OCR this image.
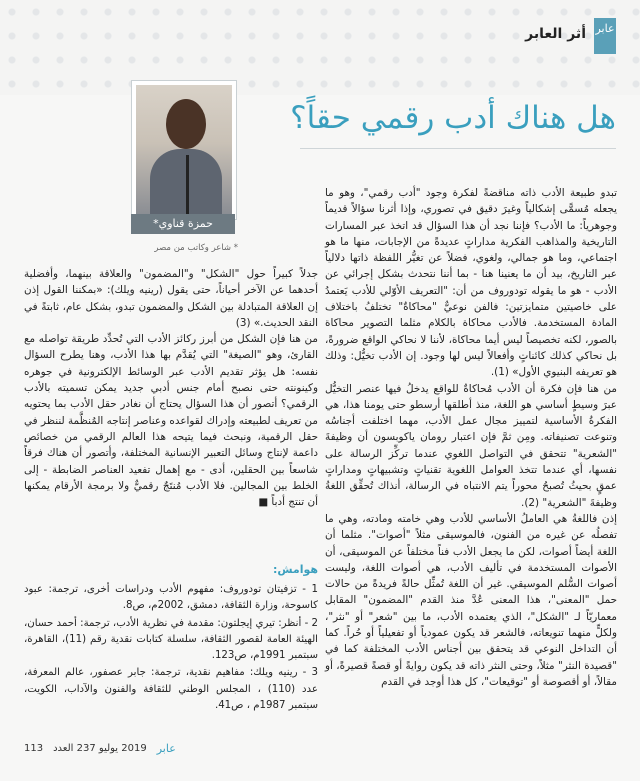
عابر
أثر العابر
هل هناك أدب رقمي حقاً؟
حمزة قناوي*
* شاعر وكاتب من مصر

تبدو طبيعة الأدب ذاته مناقضةً لفكرة وجود "أدب رقمي"، وهو ما يجعله مُسمًّى إشكالياً وغيرَ دقيق في تصوري، وإذا أثرنا سؤالاً قديماً وجوهرياً: ما الأدب؟ فإننا نجد أن هذا السؤال قد اتخذ عبر المسارات التاريخية والمذاهب الفكرية مداراتٍ عديدةً من الإجابات، منها ما هو اجتماعي، وما هو جمالي، ولغوي، فضلاً عن تغيُّر اللفظة ذاتها دلالياً عبر التاريخ، بيد أن ما يعنينا هنا - بما أننا نتحدث بشكل إجرائي عن الأدب - هو ما يقوله تودوروف من أن: "التعريف الأوّلي للأدب يَعتمدُ على خاصيتين متمايزتين: فالفن نوعيٌّ "محاكاةٌ" تختلفُ باختلاف المادة المستخدمة. فالأدب محاكاة بالكلام مثلما التصوير محاكاة بالصور، لكنه تخصيصاً ليس أيما محاكاة، لأننا لا نحاكي الواقع ضرورةً، بل نحاكي كذلك كائناتٍ وأفعالاً ليس لها وجود. إن الأدب تخيُّل: وذلك هو تعريفه البنيوي الأول» (1).

من هنا فإن فكرة أن الأدب مُحاكاةٌ للواقع يدخلُ فيها عنصر التخيُّل عبرَ وسيطٍ أساسي هو اللغة، منذ أطلقها أرسطو حتى يومنا هذا، هي الفكرةُ الأساسية لتمييز مجال عمل الأدب، مهما اختلفت أجناسُه وتنوعت تصنيفاته. ومِن ثمَّ فإن اعتبار رومان ياكوبسون أن وظيفةَ "الشعرية" تتحقق في التواصل اللغوي عندما تركِّز الرسالة على نفسها، أي عندما تتخذ العوامل اللغوية تقنياتٍ وتشبيهاتٍ ومداراتٍ عمقٍ بحيثُ تُصبحُ محوراً يتم الانتباه في الرسالة، أنذاك تُحقِّق اللغةُ وظيفةَ "الشعرية" (2).

إذن فاللغةُ هي العاملُ الأساسي للأدب وهي خامته ومادته، وهي ما تفصلُه عن غيره من الفنون، فالموسيقى مثلاً "أصوات". مثلما أن اللغة أيضاً أصوات، لكن ما يجعل الأدب فناً مختلفاً عن الموسيقى، أن الأصوات المستخدمة في تأليف الأدب، هي أصوات اللغة، وليست أصوات السُّلم الموسيقي. غير أن اللغة تُمثِّل حالةً فريدةً من حالات حمل "المعنى"، هذا المعنى عُدَّ منذ القدم "المضمون" المقابل معماريّاً لـ "الشكل"، الذي يعتمده الأدب، ما بين "شعر" أو "نثر"، ولكلٍّ منهما تنويعاته، فالشعر قد يكون عمودياً أو تفعيلياً أو حُراً. كما أن التداخل النوعي قد يتحقق بين أجناس الأدب المختلفة كما في "قصيدة النثر" مثلاً، وحتى النثر ذاته قد يكون روايةً أو قصةً قصيرةً، أو مقالاً، أو أقصوصة أو "توقيعات"، كل هذا أوجد في القدم

جدلاً كبيراً حول "الشكل" و"المضمون" والعلاقة بينهما، وأفضلية أحدهما عن الآخر أحياناً، حتى يقول (رينيه ويلك): «بمكننا القول إذن إن العلاقة المتبادلة بين الشكل والمضمون تبدو، بشكل عام، ثابتةً في النقد الحديث.» (3)

من هنا فإن الشكل من أبرز ركائز الأدب التي تُحدِّد طريقة تواصله مع القارئ، وهو "الصيغة" التي يُقدَّم بها هذا الأدب، وهنا يطرح السؤال نفسه: هل يؤثر تقديم الأدب عبر الوسائط الإلكترونية في جوهره وكينونته حتى نصبح أمام جنس أدبي جديد يمكن تسميته بالأدب الرقمي؟ أتصور أن هذا السؤال يحتاج أن نغادر حقل الأدب بما يحتويه من تعريف لطبيعته وإدراك لقواعده وعناصر إنتاجه المُنظَّمة لننظر في حقل الرقمية، ونبحث فيما يتيحه هذا العالم الرقمي من خصائص داعمة لإنتاج وسائل التعبير الإنسانية المختلفة، وأتصور أن هناك فرقاً شاسعاً بين الحقلين، أدى - مع إهمال تفعيد العناصر الضابطة - إلى الخلط بين المجالين. فلا الأدب مُنتَجٌ رقميٌّ ولا برمجة الأرقام يمكنها أن تنتج أدباً ■

هوامش:

1 - تزفيتان تودوروف: مفهوم الأدب ودراسات أخرى، ترجمة: عبود كاسوحة، وزارة الثقافة، دمشق، 2002م، ص8.

2 - أنظر: تيري إيجلتون: مقدمة في نظرية الأدب، ترجمة: أحمد حسان، الهيئة العامة لقصور الثقافة، سلسلة كتابات نقدية رقم (11)، القاهرة، سبتمبر 1991م، ص123.

3 - رينيه ويلك: مفاهيم نقدية، ترجمة: جابر عصفور، عالم المعرفة، عدد (110) ، المجلس الوطني للثقافة والفنون والآداب، الكويت، سبتمبر 1987م ، ص41.

113 2019 يوليو 237 العدد عابر
